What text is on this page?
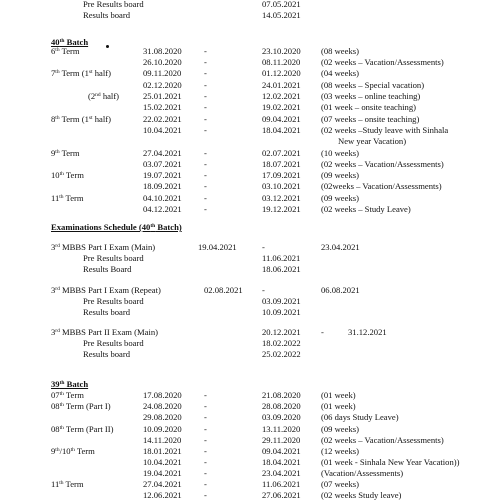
Pre Results board	07.05.2021
Results board	14.05.2021
40th Batch
6th Term	31.08.2020	-	23.10.2020 (08 weeks)
26.10.2020	-	08.11.2020 (02 weeks – Vacation/Assessments)
7th Term (1st half)	09.11.2020	-	01.12.2020 (04 weeks)
02.12.2020	-	24.01.2021 (08 weeks – Special vacation)
(2nd half)	25.01.2021	-	12.02.2021 (03 weeks – online teaching)
15.02.2021	-	19.02.2021 (01 week – onsite teaching)
8th Term (1st half)	22.02.2021	-	09.04.2021 (07 weeks – onsite teaching)
10.04.2021	-	18.04.2021 (02 weeks –Study leave with Sinhala
New year Vacation)
9th Term	27.04.2021	-	02.07.2021 (10 weeks)
03.07.2021	-	18.07.2021 (02 weeks – Vacation/Assessments)
10th Term	19.07.2021	-	17.09.2021 (09 weeks)
18.09.2021	-	03.10.2021 (02weeks – Vacation/Assessments)
11th Term	04.10.2021	-	03.12.2021 (09 weeks)
04.12.2021	-	19.12.2021 (02 weeks – Study Leave)
Examinations Schedule (40th Batch)
3rd MBBS Part I Exam (Main)	19.04.2021	-	23.04.2021
Pre Results board	11.06.2021
Results Board	18.06.2021
3rd MBBS Part I Exam (Repeat)	02.08.2021 -	06.08.2021
Pre Results board	03.09.2021
Results board	10.09.2021
3rd MBBS Part II Exam (Main)	20.12.2021 -	31.12.2021
Pre Results board	18.02.2022
Results board	25.02.2022
39th Batch
07th Term	17.08.2020	-	21.08.2020 (01 week)
08th Term (Part I)	24.08.2020	-	28.08.2020 (01 week)
29.08.2020	-	03.09.2020 (06 days Study Leave)
08th Term (Part II)	10.09.2020	-	13.11.2020 (09 weeks)
14.11.2020	-	29.11.2020 (02 weeks – Vacation/Assessments)
9th/10th Term	18.01.2021	-	09.04.2021 (12 weeks)
10.04.2021	-	18.04.2021 (01 week - Sinhala New Year Vacation))
19.04.2021	-	23.04.2021 (Vacation/Assessments)
11th Term	27.04.2021	-	11.06.2021 (07 weeks)
12.06.2021	-	27.06.2021 (02 weeks Study leave)
